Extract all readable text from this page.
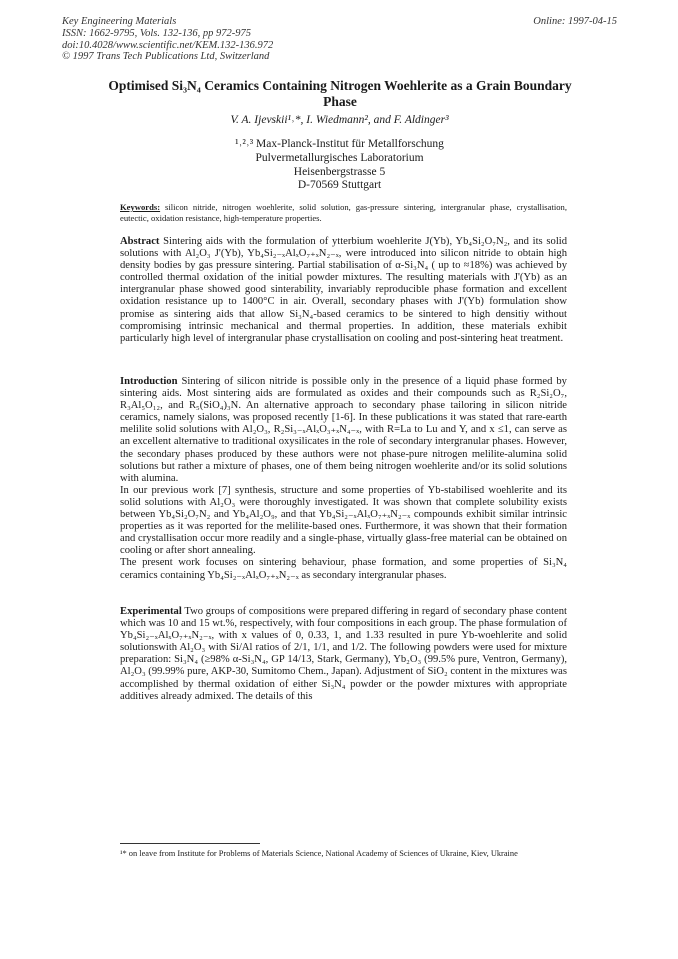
Key Engineering Materials
ISSN: 1662-9795, Vols. 132-136, pp 972-975
doi:10.4028/www.scientific.net/KEM.132-136.972
© 1997 Trans Tech Publications Ltd, Switzerland
Online: 1997-04-15
Optimised Si₃N₄ Ceramics Containing Nitrogen Woehlerite as a Grain Boundary Phase
V. A. Ijevskii¹˒*, I. Wiedmann², and F. Aldinger³
¹˒²˒³ Max-Planck-Institut für Metallforschung
Pulvermetallurgisches Laboratorium
Heisenbergstrasse 5
D-70569 Stuttgart
Keywords: silicon nitride, nitrogen woehlerite, solid solution, gas-pressure sintering, intergranular phase, crystallisation, eutectic, oxidation resistance, high-temperature properties.

Abstract Sintering aids with the formulation of ytterbium woehlerite J(Yb), Yb₄Si₂O₇N₂, and its solid solutions with Al₂O₃ J'(Yb), Yb₄Si₂₋ₓAlₓO₇₊ₓN₂₋ₓ, were introduced into silicon nitride to obtain high density bodies by gas pressure sintering. Partial stabilisation of α-Si₃N₄ ( up to ≈18%) was achieved by controlled thermal oxidation of the initial powder mixtures. The resulting materials with J'(Yb) as an intergranular phase showed good sinterability, invariably reproducible phase formation and excellent oxidation resistance up to 1400°C in air. Overall, secondary phases with J'(Yb) formulation show promise as sintering aids that allow Si₃N₄-based ceramics to be sintered to high densitiy without compromising intrinsic mechanical and thermal properties. In addition, these materials exhibit particularly high level of intergranular phase crystallisation on cooling and post-sintering heat treatment.

Introduction Sintering of silicon nitride is possible only in the presence of a liquid phase formed by sintering aids. Most sintering aids are formulated as oxides and their compounds such as R₂Si₂O₇, R₃Al₅O₁₂, and R₅(SiO₄)₃N. An alternative approach to secondary phase tailoring in silicon nitride ceramics, namely sialons, was proposed recently [1-6]. In these publications it was stated that rare-earth melilite solid solutions with Al₂O₃, R₂Si₃₋ₓAlₓO₃₊ₓN₄₋ₓ, with R=La to Lu and Y, and x ≤1, can serve as an excellent alternative to traditional oxysilicates in the role of secondary intergranular phases. However, the secondary phases produced by these authors were not phase-pure nitrogen melilite-alumina solid solutions but rather a mixture of phases, one of them being nitrogen woehlerite and/or its solid solutions with alumina.

In our previous work [7] synthesis, structure and some properties of Yb-stabilised woehlerite and its solid solutions with Al₂O₃ were thoroughly investigated. It was shown that complete solubility exists between Yb₄Si₂O₇N₂ and Yb₄Al₂O₉, and that Yb₄Si₂₋ₓAlₓO₇₊ₓN₂₋ₓ compounds exhibit similar intrinsic properties as it was reported for the melilite-based ones. Furthermore, it was shown that their formation and crystallisation occur more readily and a single-phase, virtually glass-free material can be obtained on cooling or after short annealing.

The present work focuses on sintering behaviour, phase formation, and some properties of Si₃N₄ ceramics containing Yb₄Si₂₋ₓAlₓO₇₊ₓN₂₋ₓ as secondary intergranular phases.

Experimental Two groups of compositions were prepared differing in regard of secondary phase content which was 10 and 15 wt.%, respectively, with four compositions in each group. The phase formulation of Yb₄Si₂₋ₓAlₓO₇₊ₓN₂₋ₓ, with x values of 0, 0.33, 1, and 1.33 resulted in pure Yb-woehlerite and solid solutionswith Al₂O₃ with Si/Al ratios of 2/1, 1/1, and 1/2. The following powders were used for mixture preparation: Si₃N₄ (≥98% α-Si₃N₄, GP 14/13, Stark, Germany), Yb₂O₃ (99.5% pure, Ventron, Germany), Al₂O₃ (99.99% pure, AKP-30, Sumitomo Chem., Japan). Adjustment of SiO₂ content in the mixtures was accomplished by thermal oxidation of either Si₃N₄ powder or the powder mixtures with appropriate additives already admixed. The details of this

¹* on leave from Institute for Problems of Materials Science, National Academy of Sciences of Ukraine, Kiev, Ukraine
